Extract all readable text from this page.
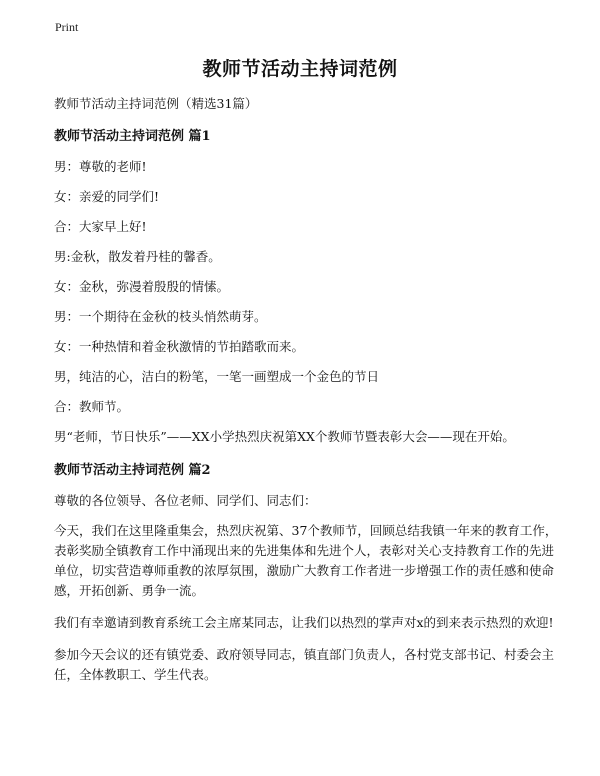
Print
教师节活动主持词范例

教师节活动主持词范例（精选31篇）

教师节活动主持词范例 篇1

男：尊敬的老师!

女：亲爱的同学们!

合：大家早上好!

男:金秋，散发着丹桂的馨香。

女：金秋，弥漫着殷殷的情愫。

男：一个期待在金秋的枝头悄然萌芽。

女：一种热情和着金秋激情的节拍踏歌而来。

男，纯洁的心，洁白的粉笔，一笔一画塑成一个金色的节日

合：教师节。

男“老师，节日快乐”——XX小学热烈庆祝第XX个教师节暨表彰大会——现在开始。

教师节活动主持词范例 篇2

尊敬的各位领导、各位老师、同学们、同志们：

今天，我们在这里隆重集会，热烈庆祝第、37个教师节，回顾总结我镇一年来的教育工作，表彰奖励全镇教育工作中涌现出来的先进集体和先进个人，表彰对关心支持教育工作的先进单位，切实营造尊师重教的浓厚氛围，激励广大教育工作者进一步增强工作的责任感和使命感，开拓创新、勇争一流。

我们有幸邀请到教育系统工会主席某同志，让我们以热烈的掌声对x的到来表示热烈的欢迎!

参加今天会议的还有镇党委、政府领导同志，镇直部门负责人，各村党支部书记、村委会主任，全体教职工、学生代表。
